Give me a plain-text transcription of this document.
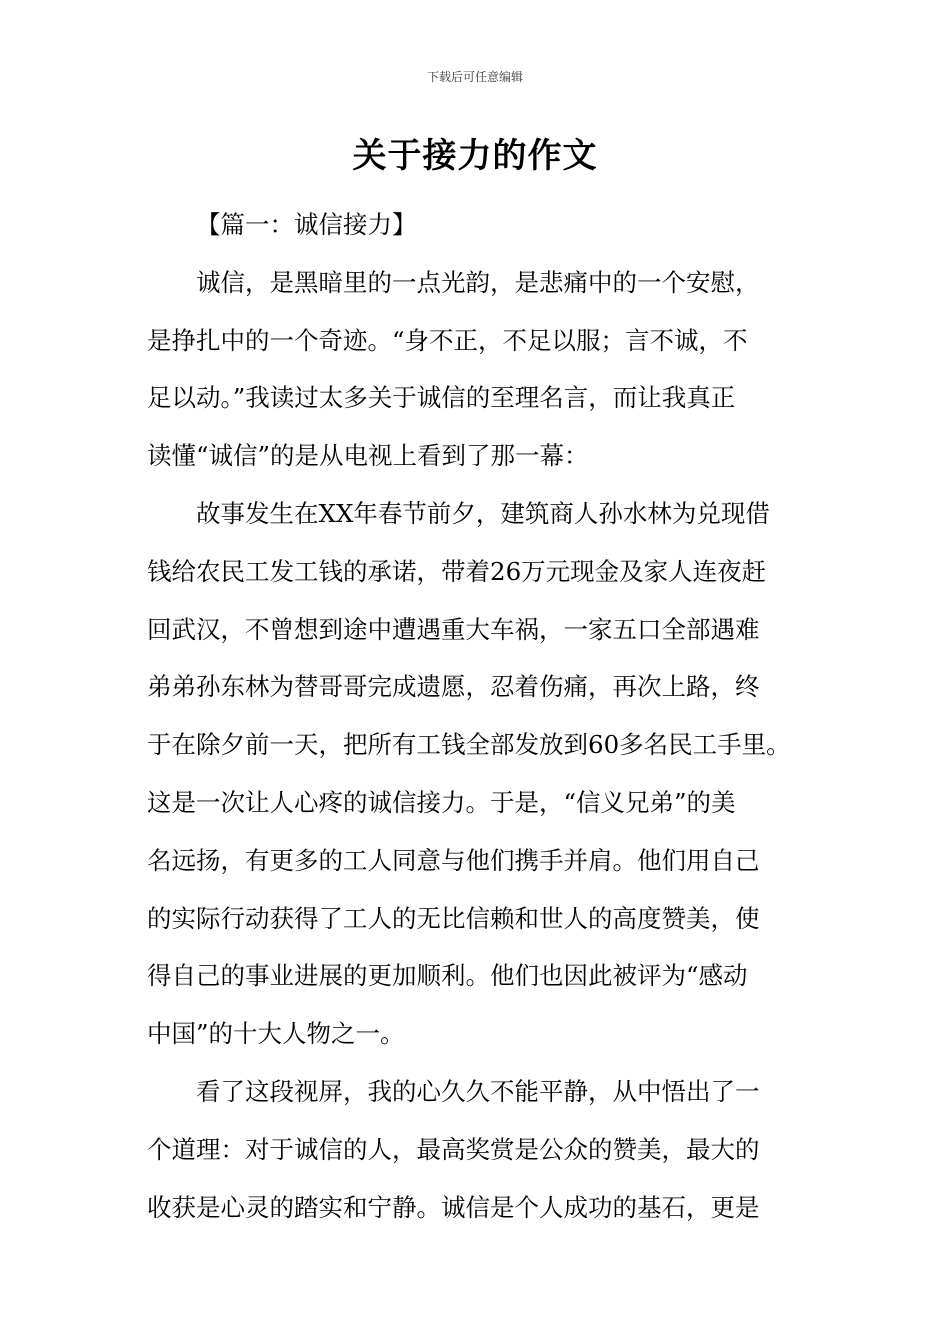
下载后可任意编辑
关于接力的作文
【篇一：诚信接力】
诚信，是黑暗里的一点光韵，是悲痛中的一个安慰，
是挣扎中的一个奇迹。“身不正，不足以服；言不诚，不
足以动。”我读过太多关于诚信的至理名言，而让我真正
读懂“诚信”的是从电视上看到了那一幕：
故事发生在XX年春节前夕，建筑商人孙水林为兑现借
钱给农民工发工钱的承诺，带着26万元现金及家人连夜赶
回武汉，不曾想到途中遭遇重大车祸，一家五口全部遇难
弟弟孙东林为替哥哥完成遗愿，忍着伤痛，再次上路，终
于在除夕前一天，把所有工钱全部发放到60多名民工手里。
这是一次让人心疼的诚信接力。于是，“信义兄弟”的美
名远扬，有更多的工人同意与他们携手并肩。他们用自己
的实际行动获得了工人的无比信赖和世人的高度赞美，使
得自己的事业进展的更加顺利。他们也因此被评为“感动
中国”的十大人物之一。
看了这段视屏，我的心久久不能平静，从中悟出了一
个道理：对于诚信的人，最高奖赏是公众的赞美，最大的
收获是心灵的踏实和宁静。诚信是个人成功的基石，更是
